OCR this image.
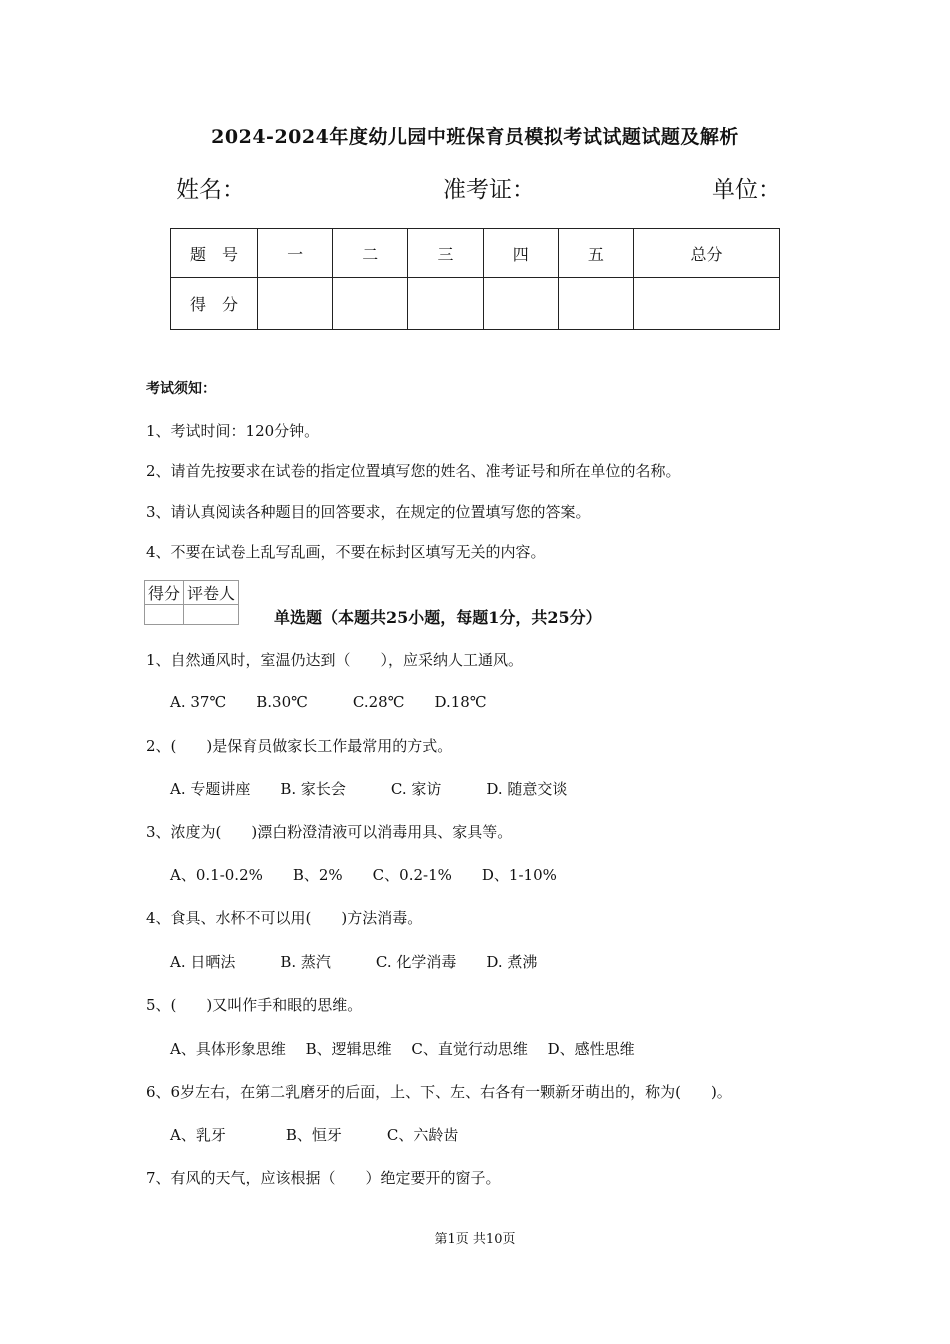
2024-2024年度幼儿园中班保育员模拟考试试题试题及解析
姓名：	准考证：	单位：
题　号	一	二	三	四	五	总分
得　分						
考试须知：
1、考试时间：120分钟。
2、请首先按要求在试卷的指定位置填写您的姓名、准考证号和所在单位的名称。
3、请认真阅读各种题目的回答要求，在规定的位置填写您的答案。
4、不要在试卷上乱写乱画，不要在标封区填写无关的内容。
得分	评卷人

单选题（本题共25小题，每题1分，共25分）
1、自然通风时，室温仍达到（　　），应采纳人工通风。
A. 37℃　　B.30℃　　　C.28℃　　D.18℃
2、(　　)是保育员做家长工作最常用的方式。
A. 专题讲座　　B. 家长会　　　C. 家访　　　D. 随意交谈
3、浓度为(　　)漂白粉澄清液可以消毒用具、家具等。
A、0.1-0.2%　　B、2%　　C、0.2-1%　　D、1-10%
4、食具、水杯不可以用(　　)方法消毒。
A. 日晒法　　　B. 蒸汽　　　C. 化学消毒　　D. 煮沸
5、(　　)又叫作手和眼的思维。
A、具体形象思维　 B、逻辑思维　 C、直觉行动思维　 D、感性思维
6、6岁左右，在第二乳磨牙的后面，上、下、左、右各有一颗新牙萌出的，称为(　　)。
A、乳牙　　　　B、恒牙　　　C、六龄齿
7、有风的天气，应该根据（　　）绝定要开的窗子。
第1页 共10页
